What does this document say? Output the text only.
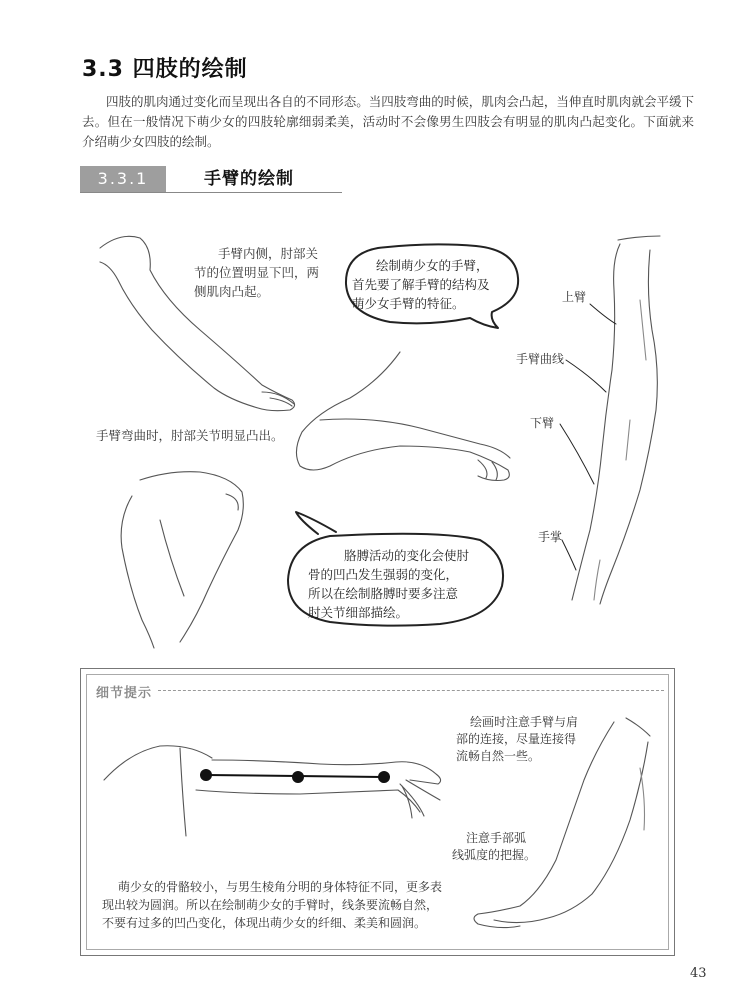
3.3 四肢的绘制
四肢的肌肉通过变化而呈现出各自的不同形态。当四肢弯曲的时候，肌肉会凸起，当伸直时肌肉就会平缓下去。但在一般情况下萌少女的四肢轮廓细弱柔美，活动时不会像男生四肢会有明显的肌肉凸起变化。下面就来介绍萌少女四肢的绘制。
3.3.1	手臂的绘制
手臂内侧，肘部关
节的位置明显下凹，两
侧肌肉凸起。
手臂弯曲时，肘部关节明显凸出。
绘制萌少女的手臂，
首先要了解手臂的结构及
萌少女手臂的特征。
胳膊活动的变化会使肘
骨的凹凸发生强弱的变化，
所以在绘制胳膊时要多注意
肘关节细部描绘。
上臂
手臂曲线
下臂
手掌
细节提示
绘画时注意手臂与肩
部的连接，尽量连接得
流畅自然一些。
注意手部弧
线弧度的把握。
萌少女的骨骼较小，与男生棱角分明的身体特征不同，更多表
现出较为圆润。所以在绘制萌少女的手臂时，线条要流畅自然，
不要有过多的凹凸变化，体现出萌少女的纤细、柔美和圆润。
43
